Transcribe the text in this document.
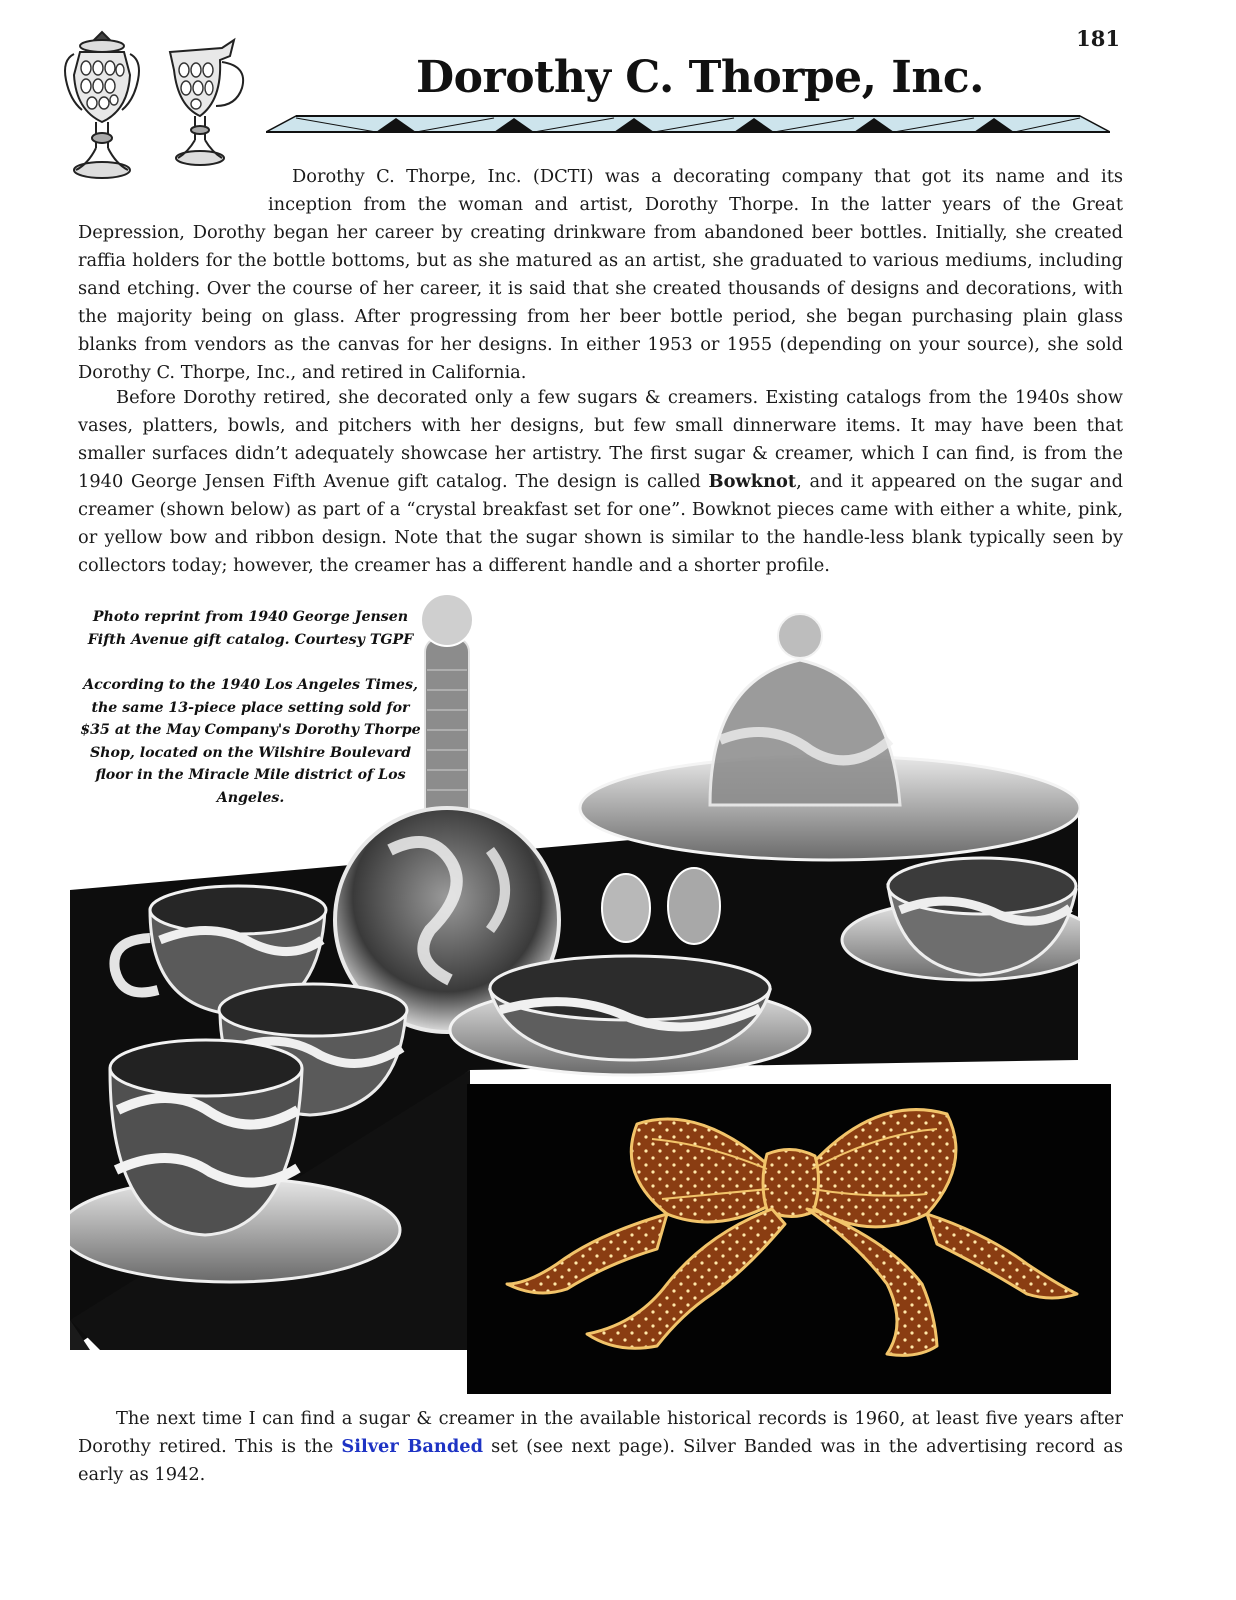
181
Dorothy C. Thorpe, Inc.

Dorothy C. Thorpe, Inc. (DCTI) was a decorating company that got its name and its inception from the woman and artist, Dorothy Thorpe. In the latter years of the Great Depression, Dorothy began her career by creating drinkware from abandoned beer bottles. Initially, she created raffia holders for the bottle bottoms, but as she matured as an artist, she graduated to various mediums, including sand etching. Over the course of her career, it is said that she created thousands of designs and decorations, with the majority being on glass. After progressing from her beer bottle period, she began purchasing plain glass blanks from vendors as the canvas for her designs. In either 1953 or 1955 (depending on your source), she sold Dorothy C. Thorpe, Inc., and retired in California.

Before Dorothy retired, she decorated only a few sugars & creamers. Existing catalogs from the 1940s show vases, platters, bowls, and pitchers with her designs, but few small dinnerware items. It may have been that smaller surfaces didn’t adequately showcase her artistry. The first sugar & creamer, which I can find, is from the 1940 George Jensen Fifth Avenue gift catalog. The design is called Bowknot, and it appeared on the sugar and creamer (shown below) as part of a “crystal breakfast set for one”. Bowknot pieces came with either a white, pink, or yellow bow and ribbon design. Note that the sugar shown is similar to the handle-less blank typically seen by collectors today; however, the creamer has a different handle and a shorter profile.

Photo reprint from 1940 George Jensen Fifth Avenue gift catalog. Courtesy TGPF
According to the 1940 Los Angeles Times, the same 13-piece place setting sold for $35 at the May Company's Dorothy Thorpe Shop, located on the Wilshire Boulevard floor in the Miracle Mile district of Los Angeles.

The next time I can find a sugar & creamer in the available historical records is 1960, at least five years after Dorothy retired. This is the Silver Banded set (see next page). Silver Banded was in the advertising record as early as 1942.
